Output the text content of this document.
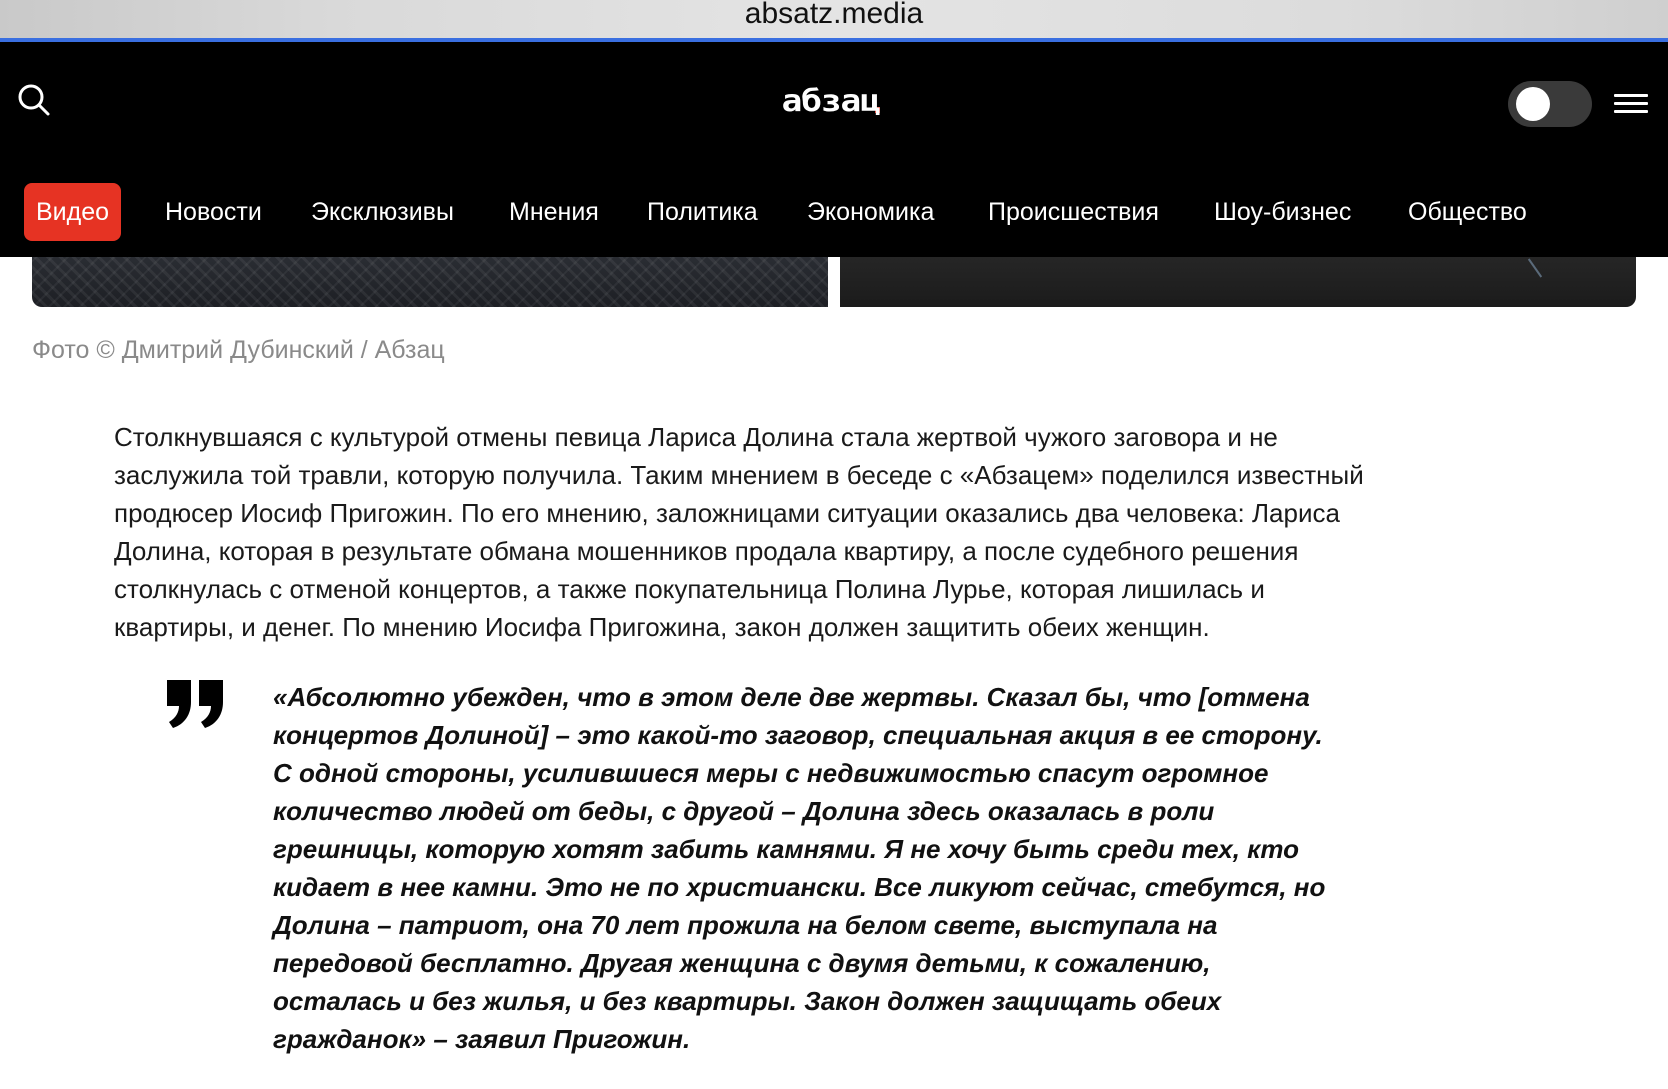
absatz.media
абзац
Видео	Новости Эксклюзивы Мнения Политика Экономика Происшествия Шоу-бизнес Общество
Фото © Дмитрий Дубинский / Абзац
Столкнувшаяся с культурой отмены певица Лариса Долина стала жертвой чужого заговора и не
заслужила той травли, которую получила. Таким мнением в беседе с «Абзацем» поделился известный
продюсер Иосиф Пригожин. По его мнению, заложницами ситуации оказались два человека: Лариса
Долина, которая в результате обмана мошенников продала квартиру, а после судебного решения
столкнулась с отменой концертов, а также покупательница Полина Лурье, которая лишилась и
квартиры, и денег. По мнению Иосифа Пригожина, закон должен защитить обеих женщин.
«Абсолютно убежден, что в этом деле две жертвы. Сказал бы, что [отмена
концертов Долиной] – это какой-то заговор, специальная акция в ее сторону.
С одной стороны, усилившиеся меры с недвижимостью спасут огромное
количество людей от беды, с другой – Долина здесь оказалась в роли
грешницы, которую хотят забить камнями. Я не хочу быть среди тех, кто
кидает в нее камни. Это не по христиански. Все ликуют сейчас, стебутся, но
Долина – патриот, она 70 лет прожила на белом свете, выступала на
передовой бесплатно. Другая женщина с двумя детьми, к сожалению,
осталась и без жилья, и без квартиры. Закон должен защищать обеих
гражданок» – заявил Пригожин.
